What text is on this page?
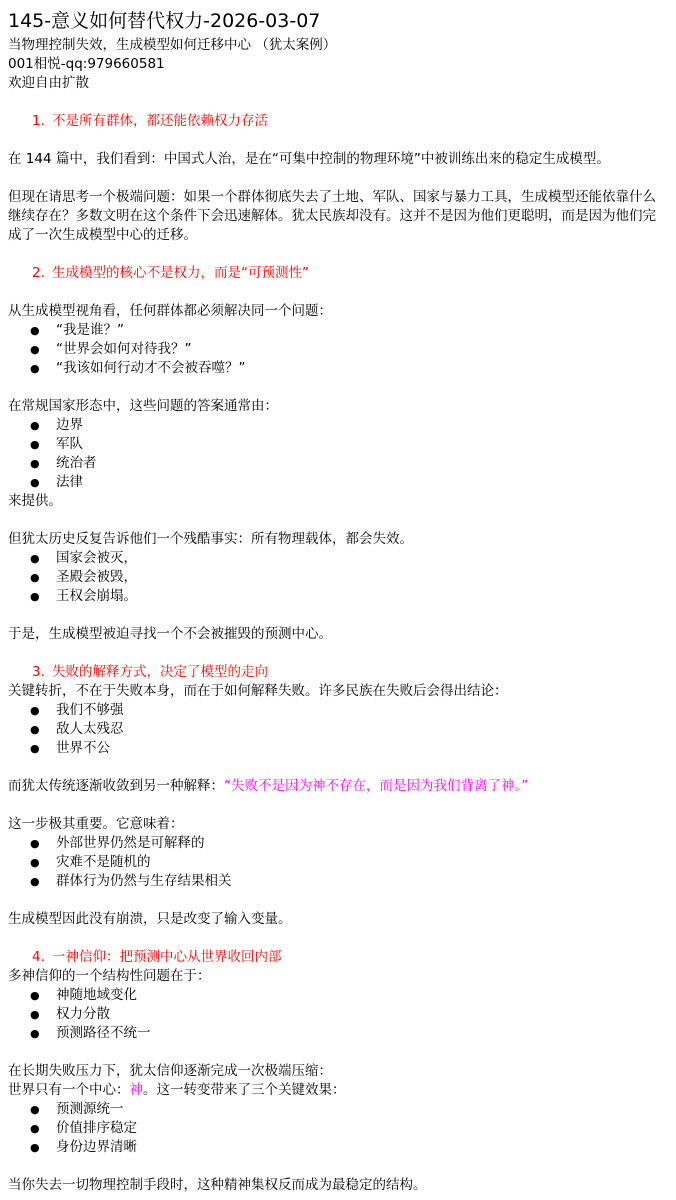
145-意义如何替代权力-2026-03-07

当物理控制失效，生成模型如何迁移中心 （犹太案例）

001相悦-qq:979660581

欢迎自由扩散

1. 不是所有群体，都还能依赖权力存活

在 144 篇中，我们看到：中国式人治，是在“可集中控制的物理环境”中被训练出来的稳定生成模型。

但现在请思考一个极端问题：如果一个群体彻底失去了土地、军队、国家与暴力工具，生成模型还能依靠什么继续存在？多数文明在这个条件下会迅速解体。犹太民族却没有。这并不是因为他们更聪明，而是因为他们完成了一次生成模型中心的迁移。

2. 生成模型的核心不是权力，而是“可预测性”

从生成模型视角看，任何群体都必须解决同一个问题：

● “我是谁？”
● “世界会如何对待我？”
● “我该如何行动才不会被吞噬？”

在常规国家形态中，这些问题的答案通常由：

● 边界
● 军队
● 统治者
● 法律

来提供。

但犹太历史反复告诉他们一个残酷事实：所有物理载体，都会失效。

● 国家会被灭，
● 圣殿会被毁，
● 王权会崩塌。

于是，生成模型被迫寻找一个不会被摧毁的预测中心。

3. 失败的解释方式，决定了模型的走向

关键转折，不在于失败本身，而在于如何解释失败。许多民族在失败后会得出结论：

● 我们不够强
● 敌人太残忍
● 世界不公

而犹太传统逐渐收敛到另一种解释：“失败不是因为神不存在，而是因为我们背离了神。”

这一步极其重要。它意味着：

● 外部世界仍然是可解释的
● 灾难不是随机的
● 群体行为仍然与生存结果相关

生成模型因此没有崩溃，只是改变了输入变量。

4. 一神信仰：把预测中心从世界收回内部

多神信仰的一个结构性问题在于：

● 神随地域变化
● 权力分散
● 预测路径不统一

在长期失败压力下，犹太信仰逐渐完成一次极端压缩：

世界只有一个中心：神。这一转变带来了三个关键效果：

● 预测源统一
● 价值排序稳定
● 身份边界清晰

当你失去一切物理控制手段时，这种精神集权反而成为最稳定的结构。
